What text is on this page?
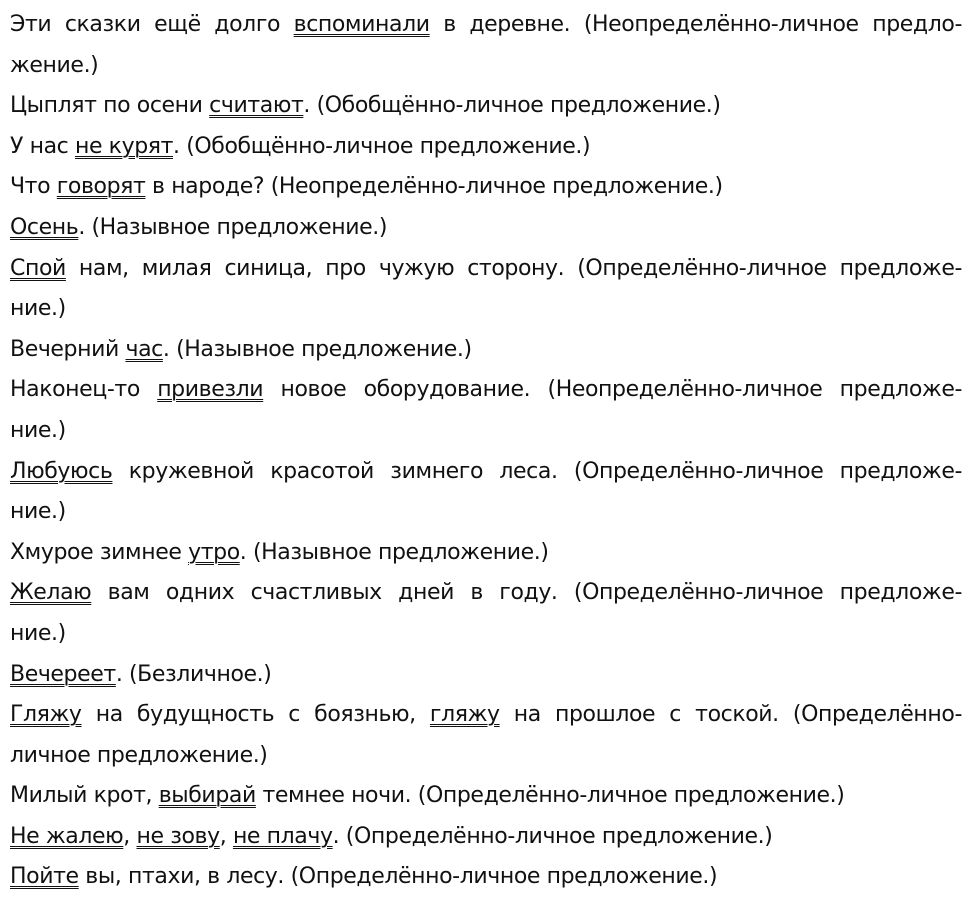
Эти сказки ещё долго вспоминали в деревне. (Неопределённо-личное предло-
жение.)
Цыплят по осени считают. (Обобщённо-личное предложение.)
У нас не курят. (Обобщённо-личное предложение.)
Что говорят в народе? (Неопределённо-личное предложение.)
Осень. (Назывное предложение.)
Спой нам, милая синица, про чужую сторону. (Определённо-личное предложе-
ние.)
Вечерний час. (Назывное предложение.)
Наконец-то привезли новое оборудование. (Неопределённо-личное предложе-
ние.)
Любуюсь кружевной красотой зимнего леса. (Определённо-личное предложе-
ние.)
Хмурое зимнее утро. (Назывное предложение.)
Желаю вам одних счастливых дней в году. (Определённо-личное предложе-
ние.)
Вечереет. (Безличное.)
Гляжу на будущность с боязнью, гляжу на прошлое с тоской. (Определённо-
личное предложение.)
Милый крот, выбирай темнее ночи. (Определённо-личное предложение.)
Не жалею, не зову, не плачу. (Определённо-личное предложение.)
Пойте вы, птахи, в лесу. (Определённо-личное предложение.)
